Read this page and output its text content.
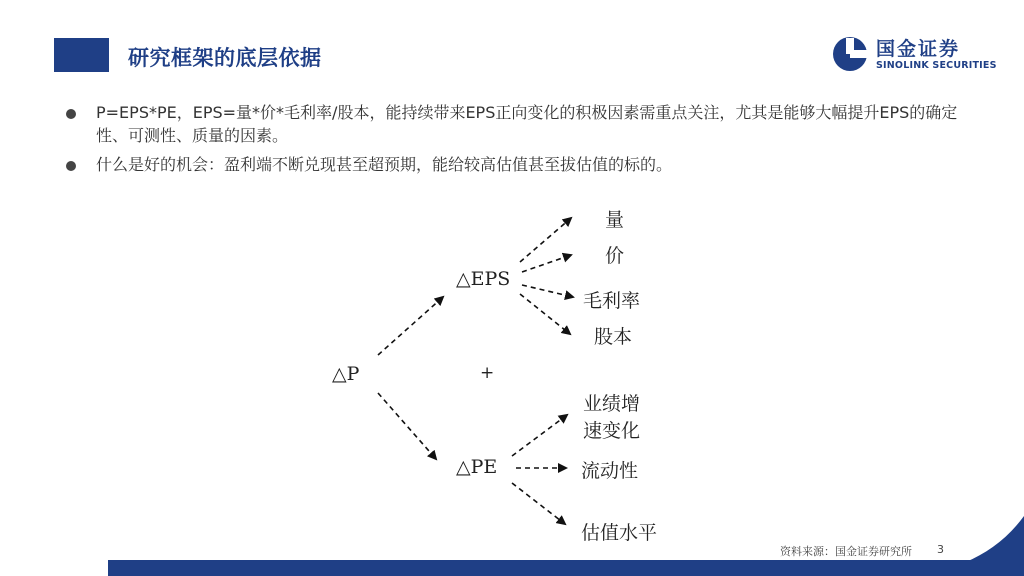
研究框架的底层依据	国金证券
SINOLINK SECURITIES
P=EPS*PE，EPS=量*价*毛利率/股本，能持续带来EPS正向变化的积极因素需重点关注，尤其是能够大幅提升EPS的确定性、可测性、质量的因素。
什么是好的机会：盈利端不断兑现甚至超预期，能给较高估值甚至拔估值的标的。
△P	+
△EPS
△PE
量
价
毛利率
股本
业绩增
速变化
流动性
估值水平
资料来源：国金证券研究所 3
